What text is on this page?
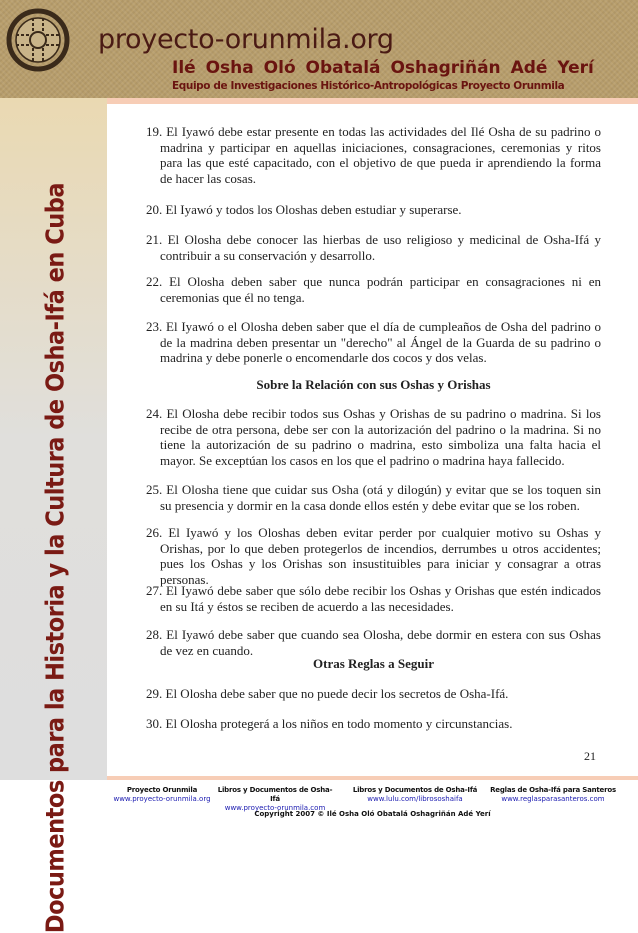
proyecto-orunmila.org
Ilé Osha Oló Obatalá Oshagriñán Adé Yerí
Equipo de Investigaciones Histórico-Antropológicas Proyecto Orunmila
Documentos para la Historia y la Cultura de Osha-Ifá en Cuba
19. El Iyawó debe estar presente en todas las actividades del Ilé Osha de su padrino o madrina y participar en aquellas iniciaciones, consagraciones, ceremonias y ritos para las que esté capacitado, con el objetivo de que pueda ir aprendiendo la forma de hacer las cosas.
20. El Iyawó y todos los Oloshas deben estudiar y superarse.
21. El Olosha debe conocer las hierbas de uso religioso y medicinal de Osha-Ifá y contribuir a su conservación y desarrollo.
22. El Olosha deben saber que nunca podrán participar en consagraciones ni en ceremonias que él no tenga.
23. El Iyawó o el Olosha deben saber que el día de cumpleaños de Osha del padrino o de la madrina deben presentar un "derecho" al Ángel de la Guarda de su padrino o madrina y debe ponerle o encomendarle dos cocos y dos velas.
Sobre la Relación con sus Oshas y Orishas
24. El Olosha debe recibir todos sus Oshas y Orishas de su padrino o madrina. Si los recibe de otra persona, debe ser con la autorización del padrino o la madrina. Si no tiene la autorización de su padrino o madrina, esto simboliza una falta hacia el mayor. Se exceptúan los casos en los que el padrino o madrina haya fallecido.
25. El Olosha tiene que cuidar sus Osha (otá y dilogún) y evitar que se los toquen sin su presencia y dormir en la casa donde ellos estén y debe evitar que se los roben.
26. El Iyawó y los Oloshas deben evitar perder por cualquier motivo su Oshas y Orishas, por lo que deben protegerlos de incendios, derrumbes u otros accidentes; pues los Oshas y los Orishas son insustituibles para iniciar y consagrar a otras personas.
27. El Iyawó debe saber que sólo debe recibir los Oshas y Orishas que estén indicados en su Itá y éstos se reciben de acuerdo a las necesidades.
28. El Iyawó debe saber que cuando sea Olosha, debe dormir en estera con sus Oshas de vez en cuando.
Otras Reglas a Seguir
29. El Olosha debe saber que no puede decir los secretos de Osha-Ifá.
30. El Olosha protegerá a los niños en todo momento y circunstancias.
21
Proyecto Orunmila
www.proyecto-orunmila.org
Libros y Documentos de Osha-Ifá
www.proyecto-orunmila.com
Libros y Documentos de Osha-Ifá
www.lulu.com/librososhaifa
Reglas de Osha-Ifá para Santeros
www.reglasparasanteros.com
Copyright 2007 © Ilé Osha Oló Obatalá Oshagriñán Adé Yerí
